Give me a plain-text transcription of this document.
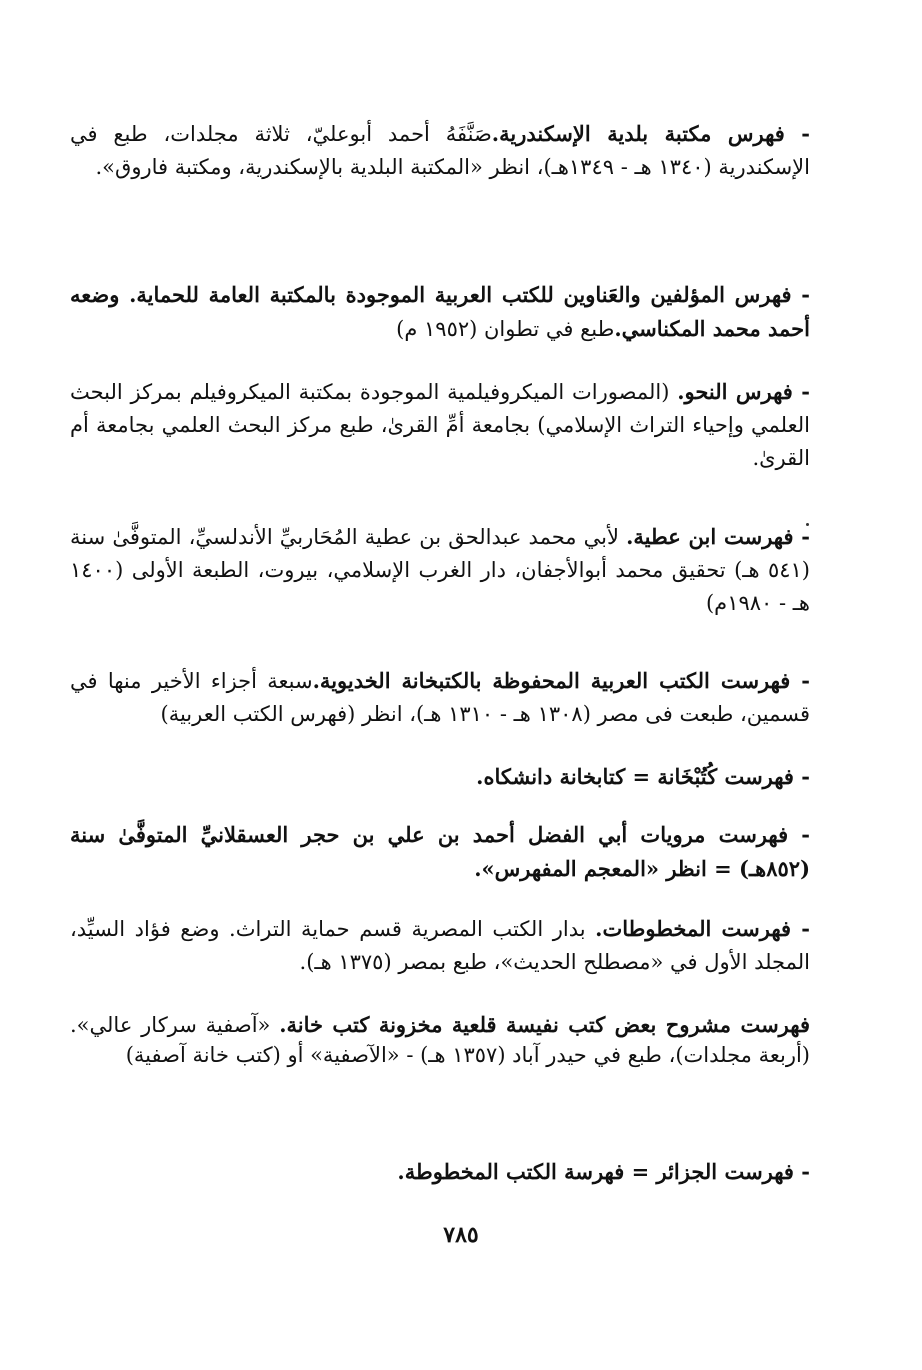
- فهرس مكتبة بلدية الإسكندرية.صَنَّفَهُ أحمد أبوعليّ، ثلاثة مجلدات، طبع في الإسكندرية (١٣٤٠ هـ - ١٣٤٩هـ)، انظر «المكتبة البلدية بالإسكندرية، ومكتبة فاروق».

- فهرس المؤلفين والعَناوين للكتب العربية الموجودة بالمكتبة العامة للحماية. وضعه أحمد محمد المكناسي.طبع في تطوان (١٩٥٢ م)

- فهرس النحو. (المصورات الميكروفيلمية الموجودة بمكتبة الميكروفيلم بمركز البحث العلمي وإحياء التراث الإسلامي) بجامعة أمِّ القرىٰ، طبع مركز البحث العلمي بجامعة أم القرىٰ.

- فهرست ابن عطية. لأبي محمد عبدالحق بن عطية المُحَاربيِّ الأندلسيِّ، المتوفَّىٰ سنة (٥٤١ هـ) تحقيق محمد أبوالأجفان، دار الغرب الإسلامي، بيروت، الطبعة الأولى (١٤٠٠ هـ - ١٩٨٠م)

- فهرست الكتب العربية المحفوظة بالكتبخانة الخديوية.سبعة أجزاء الأخير منها في قسمين، طبعت فى مصر (١٣٠٨ هـ - ١٣١٠ هـ)، انظر (فهرس الكتب العربية)

- فهرست كُتُبْخَانة = كتابخانة دانشكاه.

- فهرست مرويات أبي الفضل أحمد بن علي بن حجر العسقلانيِّ المتوفَّىٰ سنة (٨٥٢هـ) = انظر «المعجم المفهرس».

- فهرست المخطوطات. بدار الكتب المصرية قسم حماية التراث. وضع فؤاد السيِّد، المجلد الأول في «مصطلح الحديث»، طبع بمصر (١٣٧٥ هـ).

فهرست مشروح بعض كتب نفيسة قلعية مخزونة كتب خانة. «آصفية سركار عالي». (أربعة مجلدات)، طبع في حيدر آباد (١٣٥٧ هـ) - «الآصفية» أو (كتب خانة آصفية)

- فهرست الجزائر = فهرسة الكتب المخطوطة.

٧٨٥
